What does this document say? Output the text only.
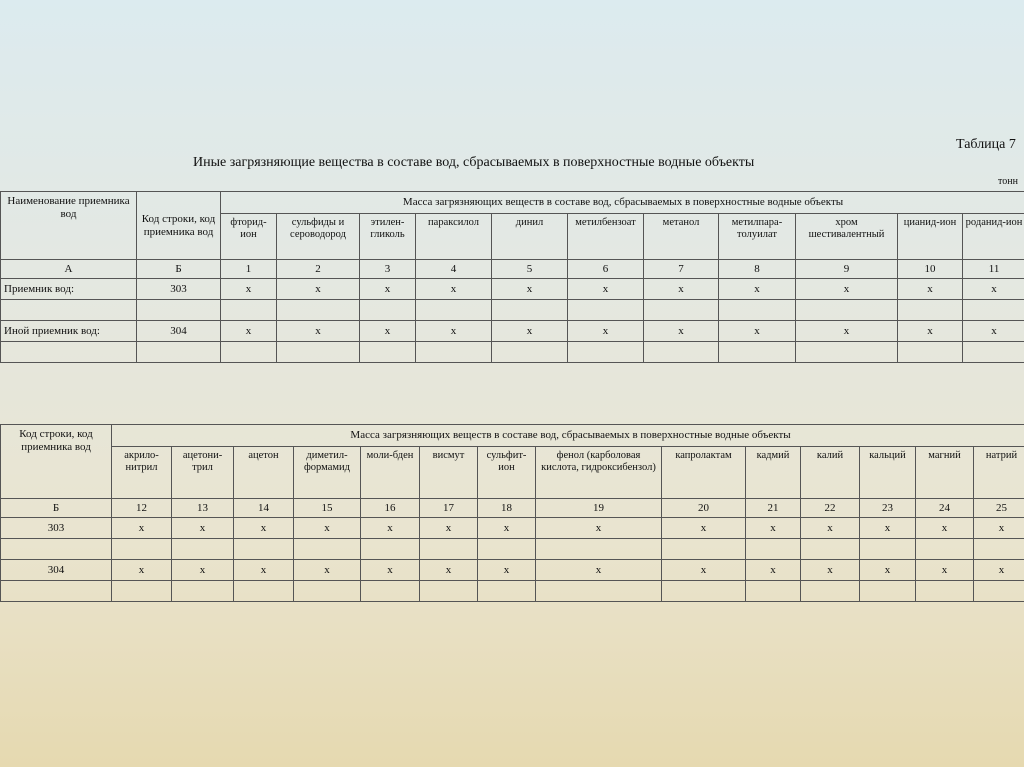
Таблица 7
Иные загрязняющие вещества в составе вод, сбрасываемых в поверхностные водные объекты
тонн
Наименование приемника вод	Код строки, код приемника вод	Масса загрязняющих веществ в составе вод, сбрасываемых в поверхностные водные объекты										
		фторид-ион	сульфиды и сероводород	этилен-гликоль	параксилол	динил	метилбензоат	метанол	метилпара-толуилат	хром шестивалентный	цианид-ион	роданид-ион
А	Б	1	2	3	4	5	6	7	8	9	10	11
Приемник вод:	303	х	х	х	х	х	х	х	х	х	х	х

Иной приемник вод:	304	х	х	х	х	х	х	х	х	х	х	х

Код строки, код приемника вод	Масса загрязняющих веществ в составе вод, сбрасываемых в поверхностные водные объекты													
	акрило-нитрил	ацетони-трил	ацетон	диметил-формамид	моли-бден	висмут	сульфит-ион	фенол (карболовая кислота, гидроксибензол)	капролактам	кадмий	калий	кальций	магний	натрий
Б	12	13	14	15	16	17	18	19	20	21	22	23	24	25
303	х	х	х	х	х	х	х	х	х	х	х	х	х	х

304	х	х	х	х	х	х	х	х	х	х	х	х	х	х
